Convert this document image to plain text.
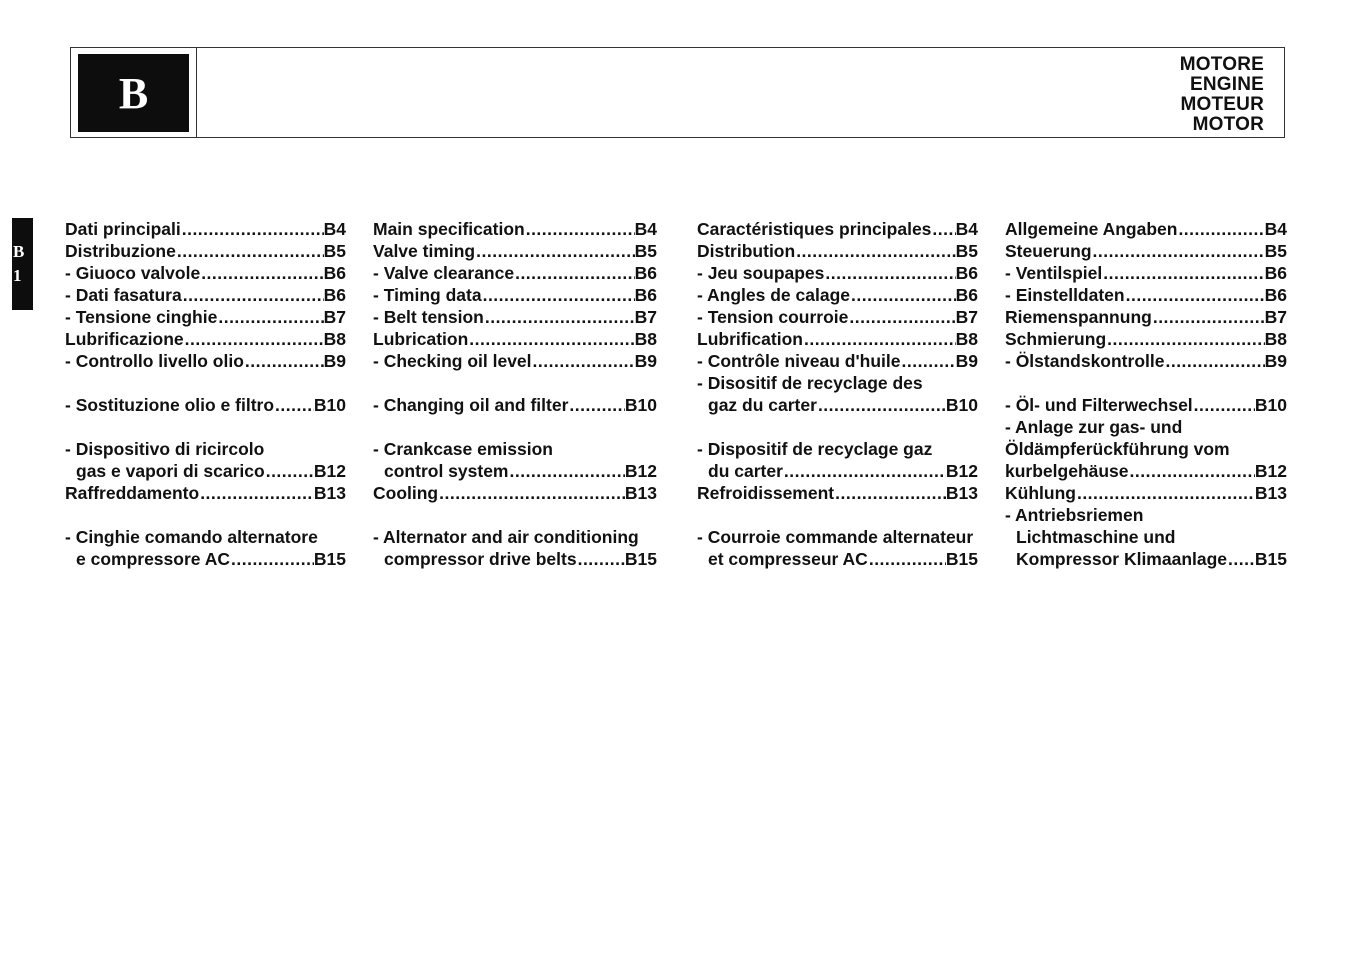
B
MOTORE
ENGINE
MOTEUR
MOTOR
B
1
Dati principali .....	B4
Distribuzione .....	B5
- Giuoco valvole .....	B6
- Dati fasatura .....	B6
- Tensione cinghie .....	B7
Lubrificazione .....	B8
- Controllo livello olio .....	B9
- Sostituzione olio e filtro ..... B10
- Dispositivo di ricircolo
gas e vapori di scarico .....	B12
Raffreddamento .....	B13
- Cinghie comando alternatore
e compressore AC .....	B15
Main specification .....	B4
Valve timing .....	B5
- Valve clearance .....	B6
- Timing data .....	B6
- Belt tension .....	B7
Lubrication .....	B8
- Checking oil level .....	B9
- Changing oil and filter .....	B10
- Crankcase emission
control system .....	B12
Cooling .....	B13
- Alternator and air conditioning
compressor drive belts .....	B15
Caractéristiques principales ..... B4
Distribution .....	B5
- Jeu soupapes .....	B6
- Angles de calage .....	B6
- Tension courroie .....	B7
Lubrification .....	B8
- Contrôle niveau d'huile .....	B9
- Disositif de recyclage des
gaz du carter .....	B10
- Dispositif de recyclage gaz
du carter .....	B12
Refroidissement .....	B13
- Courroie commande alternateur
et compresseur AC .....	B15
Allgemeine Angaben .....	B4
Steuerung .....	B5
- Ventilspiel .....	B6
- Einstelldaten .....	B6
Riemenspannung .....	B7
Schmierung .....	B8
- Ölstandskontrolle .....	B9
- Öl- und Filterwechsel .....	B10
- Anlage zur gas- und
Öldämpferückführung vom
kurbelgehäuse .....	B12
Kühlung .....	B13
- Antriebsriemen
Lichtmaschine und
Kompressor Klimaanlage ..... B15
